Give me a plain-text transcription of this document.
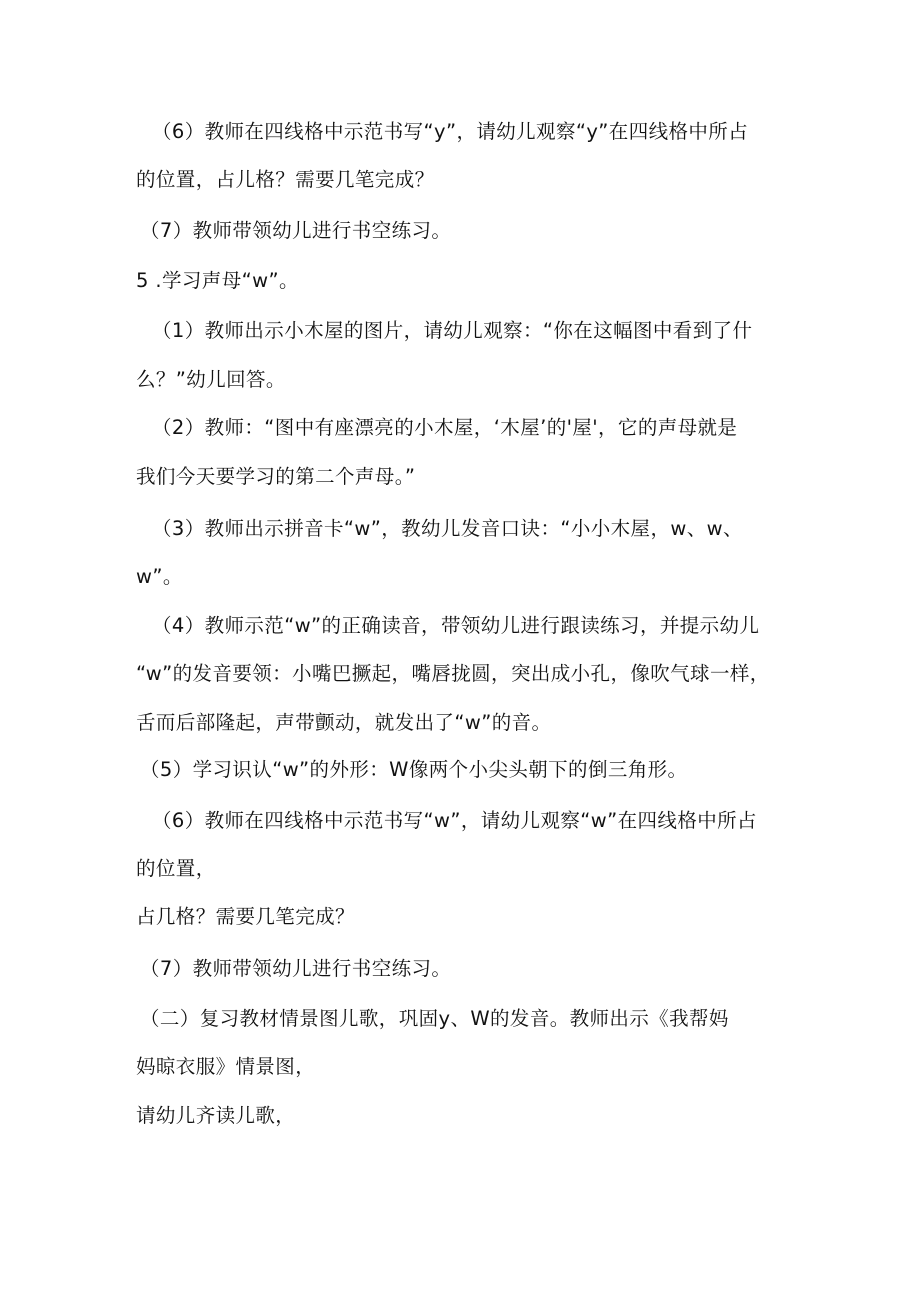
（6）教师在四线格中示范书写“y”，请幼儿观察“y”在四线格中所占
的位置，占儿格？需要几笔完成？
（7）教师带领幼儿进行书空练习。
5 .学习声母“w”。
（1）教师出示小木屋的图片，请幼儿观察：“你在这幅图中看到了什
么？”幼儿回答。
（2）教师：“图中有座漂亮的小木屋，‘木屋’的'屋'，它的声母就是
我们今天要学习的第二个声母。”
（3）教师出示拼音卡“w”，教幼儿发音口诀：“小小木屋，w、w、
w”。
（4）教师示范“w”的正确读音，带领幼儿进行跟读练习，并提示幼儿
“w”的发音要领：小嘴巴撅起，嘴唇拢圆，突出成小孔，像吹气球一样，
舌而后部隆起，声带颤动，就发出了“w”的音。
（5）学习识认“w”的外形：W像两个小尖头朝下的倒三角形。
（6）教师在四线格中示范书写“w”，请幼儿观察“w”在四线格中所占
的位置，
占几格？需要几笔完成？
（7）教师带领幼儿进行书空练习。
（二）复习教材情景图儿歌，巩固y、W的发音。教师出示《我帮妈
妈晾衣服》情景图，
请幼儿齐读儿歌，
